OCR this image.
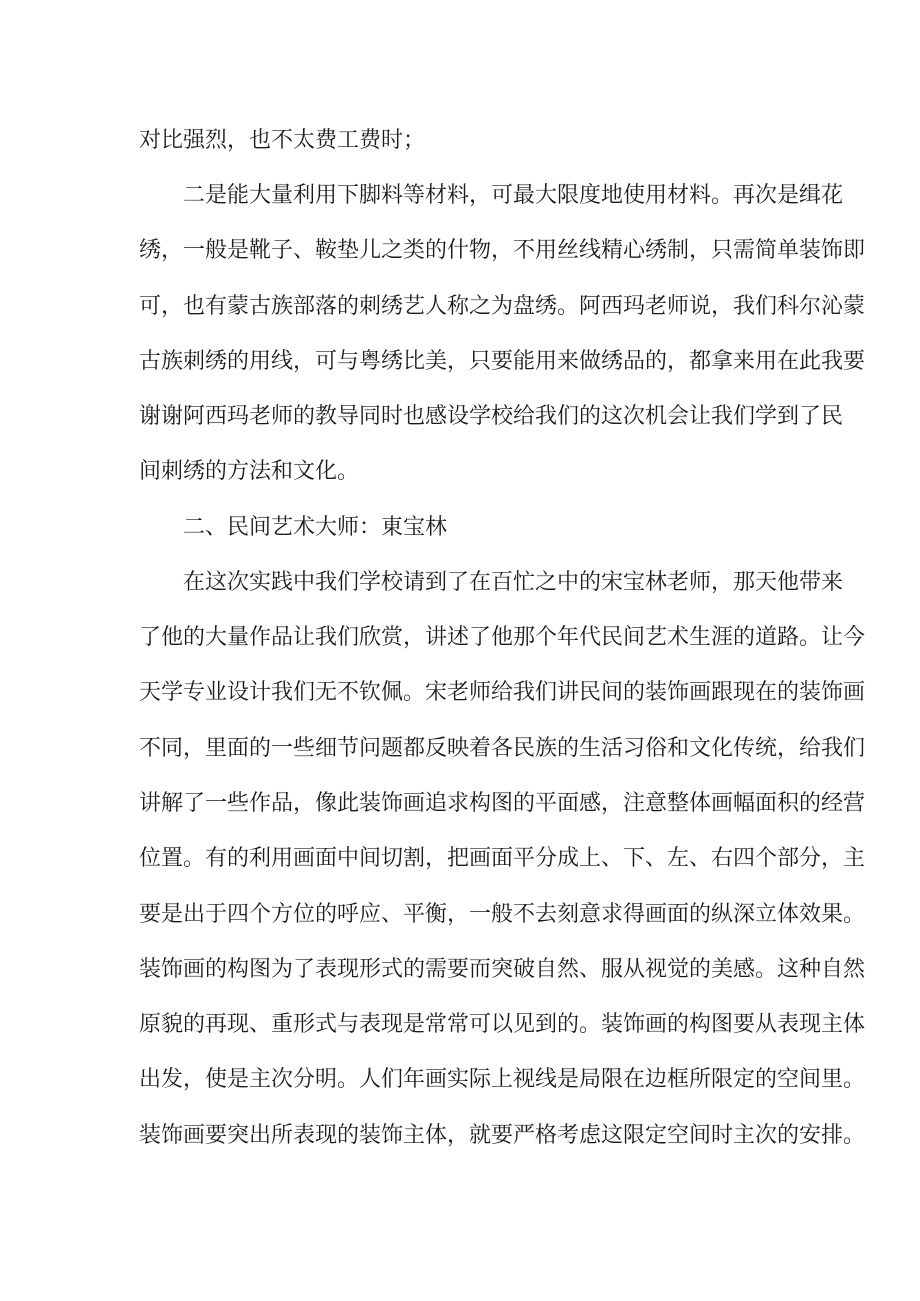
对比强烈，也不太费工费时；
二是能大量利用下脚料等材料，可最大限度地使用材料。再次是缉花
绣，一般是靴子、鞍垫儿之类的什物，不用丝线精心绣制，只需简单装饰即
可，也有蒙古族部落的刺绣艺人称之为盘绣。阿西玛老师说，我们科尔沁蒙
古族刺绣的用线，可与粤绣比美，只要能用来做绣品的，都拿来用在此我要
谢谢阿西玛老师的教导同时也感设学校给我们的这次机会让我们学到了民
间刺绣的方法和文化。
二、民间艺术大师：東宝林
在这次实践中我们学校请到了在百忙之中的宋宝林老师，那天他带来
了他的大量作品让我们欣赏，讲述了他那个年代民间艺术生涯的道路。让今
天学专业设计我们无不钦佩。宋老师给我们讲民间的装饰画跟现在的装饰画
不同，里面的一些细节问题都反映着各民族的生活习俗和文化传统，给我们
讲解了一些作品，像此装饰画追求构图的平面感，注意整体画幅面积的经营
位置。有的利用画面中间切割，把画面平分成上、下、左、右四个部分，主
要是出于四个方位的呼应、平衡，一般不去刻意求得画面的纵深立体效果。
装饰画的构图为了表现形式的需要而突破自然、服从视觉的美感。这种自然
原貌的再现、重形式与表现是常常可以见到的。装饰画的构图要从表现主体
出发，使是主次分明。人们年画实际上视线是局限在边框所限定的空间里。
装饰画要突出所表现的装饰主体，就要严格考虑这限定空间时主次的安排。
